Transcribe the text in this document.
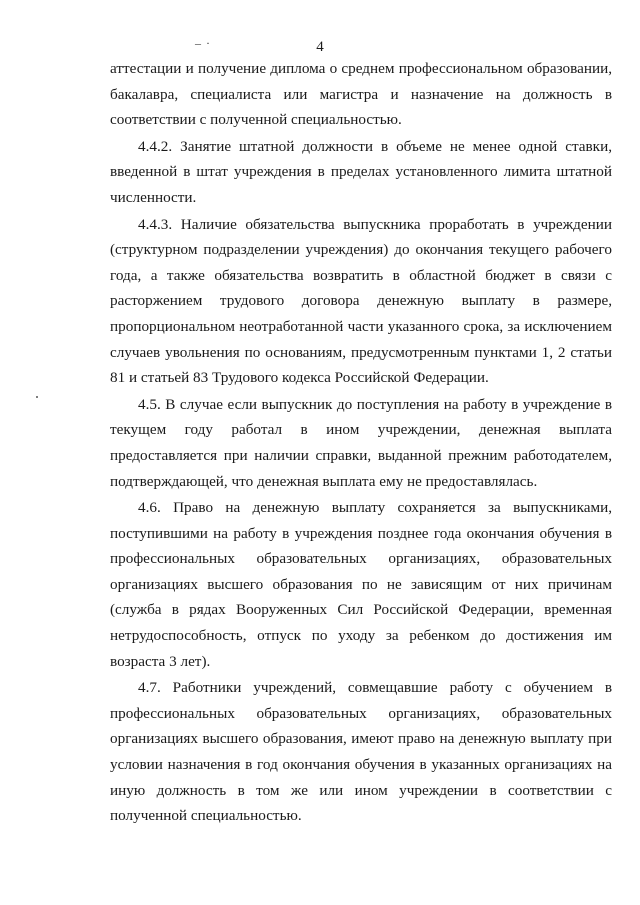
– ·	4

аттестации и получение диплома о среднем профессиональном образовании, бакалавра, специалиста или магистра и назначение на должность в соответствии с полученной специальностью.

4.4.2. Занятие штатной должности в объеме не менее одной ставки, введенной в штат учреждения в пределах установленного лимита штатной численности.

4.4.3. Наличие обязательства выпускника проработать в учреждении (структурном подразделении учреждения) до окончания текущего рабочего года, а также обязательства возвратить в областной бюджет в связи с расторжением трудового договора денежную выплату в размере, пропорциональном неотработанной части указанного срока, за исключением случаев увольнения по основаниям, предусмотренным пунктами 1, 2 статьи 81 и статьей 83 Трудового кодекса Российской Федерации.

4.5. В случае если выпускник до поступления на работу в учреждение в текущем году работал в ином учреждении, денежная выплата предоставляется при наличии справки, выданной прежним работодателем, подтверждающей, что денежная выплата ему не предоставлялась.

4.6. Право на денежную выплату сохраняется за выпускниками, поступившими на работу в учреждения позднее года окончания обучения в профессиональных образовательных организациях, образовательных организациях высшего образования по не зависящим от них причинам (служба в рядах Вооруженных Сил Российской Федерации, временная нетрудоспособность, отпуск по уходу за ребенком до достижения им возраста 3 лет).

4.7. Работники учреждений, совмещавшие работу с обучением в профессиональных образовательных организациях, образовательных организациях высшего образования, имеют право на денежную выплату при условии назначения в год окончания обучения в указанных организациях на иную должность в том же или ином учреждении в соответствии с полученной специальностью.
